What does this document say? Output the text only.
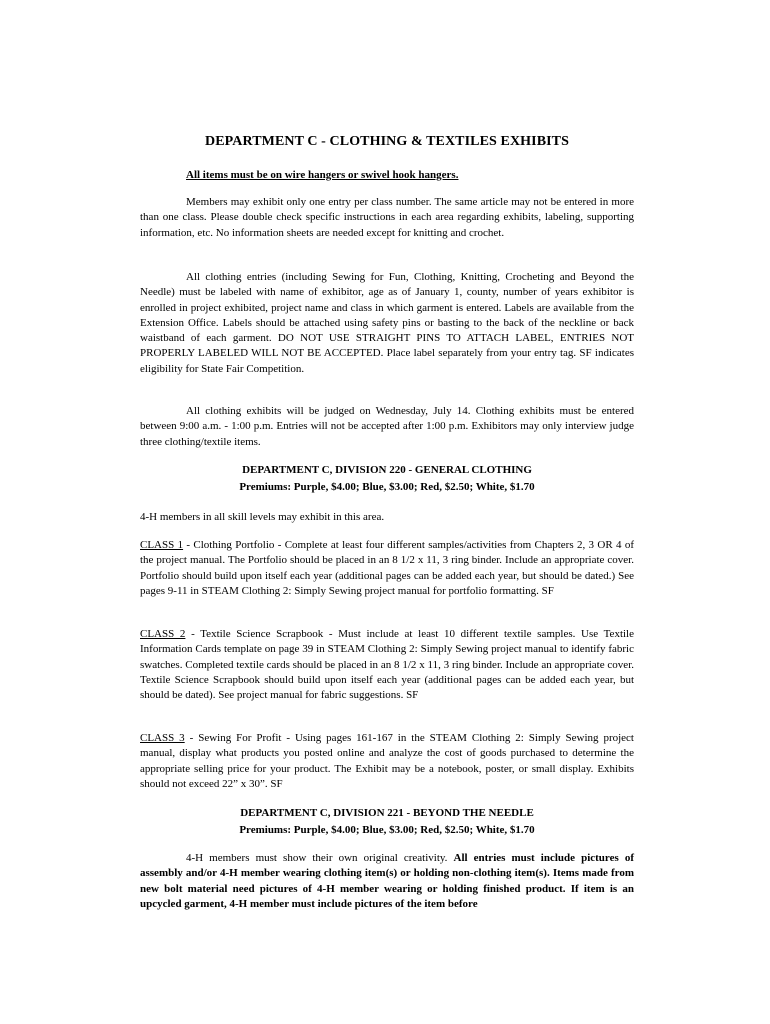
DEPARTMENT C - CLOTHING & TEXTILES EXHIBITS
All items must be on wire hangers or swivel hook hangers.

Members may exhibit only one entry per class number. The same article may not be entered in more than one class. Please double check specific instructions in each area regarding exhibits, labeling, supporting information, etc. No information sheets are needed except for knitting and crochet.

All clothing entries (including Sewing for Fun, Clothing, Knitting, Crocheting and Beyond the Needle) must be labeled with name of exhibitor, age as of January 1, county, number of years exhibitor is enrolled in project exhibited, project name and class in which garment is entered. Labels are available from the Extension Office. Labels should be attached using safety pins or basting to the back of the neckline or back waistband of each garment. DO NOT USE STRAIGHT PINS TO ATTACH LABEL, ENTRIES NOT PROPERLY LABELED WILL NOT BE ACCEPTED. Place label separately from your entry tag. SF indicates eligibility for State Fair Competition.

All clothing exhibits will be judged on Wednesday, July 14. Clothing exhibits must be entered between 9:00 a.m. - 1:00 p.m. Entries will not be accepted after 1:00 p.m. Exhibitors may only interview judge three clothing/textile items.

DEPARTMENT C, DIVISION 220 - GENERAL CLOTHING

Premiums: Purple, $4.00; Blue, $3.00; Red, $2.50; White, $1.70

4-H members in all skill levels may exhibit in this area.

CLASS 1 - Clothing Portfolio - Complete at least four different samples/activities from Chapters 2, 3 OR 4 of the project manual. The Portfolio should be placed in an 8 1/2 x 11, 3 ring binder. Include an appropriate cover. Portfolio should build upon itself each year (additional pages can be added each year, but should be dated.) See pages 9-11 in STEAM Clothing 2: Simply Sewing project manual for portfolio formatting. SF

CLASS 2 - Textile Science Scrapbook - Must include at least 10 different textile samples. Use Textile Information Cards template on page 39 in STEAM Clothing 2: Simply Sewing project manual to identify fabric swatches. Completed textile cards should be placed in an 8 1/2 x 11, 3 ring binder. Include an appropriate cover. Textile Science Scrapbook should build upon itself each year (additional pages can be added each year, but should be dated). See project manual for fabric suggestions. SF

CLASS 3 - Sewing For Profit - Using pages 161-167 in the STEAM Clothing 2: Simply Sewing project manual, display what products you posted online and analyze the cost of goods purchased to determine the appropriate selling price for your product. The Exhibit may be a notebook, poster, or small display. Exhibits should not exceed 22” x 30”. SF

DEPARTMENT C, DIVISION 221 - BEYOND THE NEEDLE

Premiums: Purple, $4.00; Blue, $3.00; Red, $2.50; White, $1.70

4-H members must show their own original creativity. All entries must include pictures of assembly and/or 4-H member wearing clothing item(s) or holding non-clothing item(s). Items made from new bolt material need pictures of 4-H member wearing or holding finished product. If item is an upcycled garment, 4-H member must include pictures of the item before
